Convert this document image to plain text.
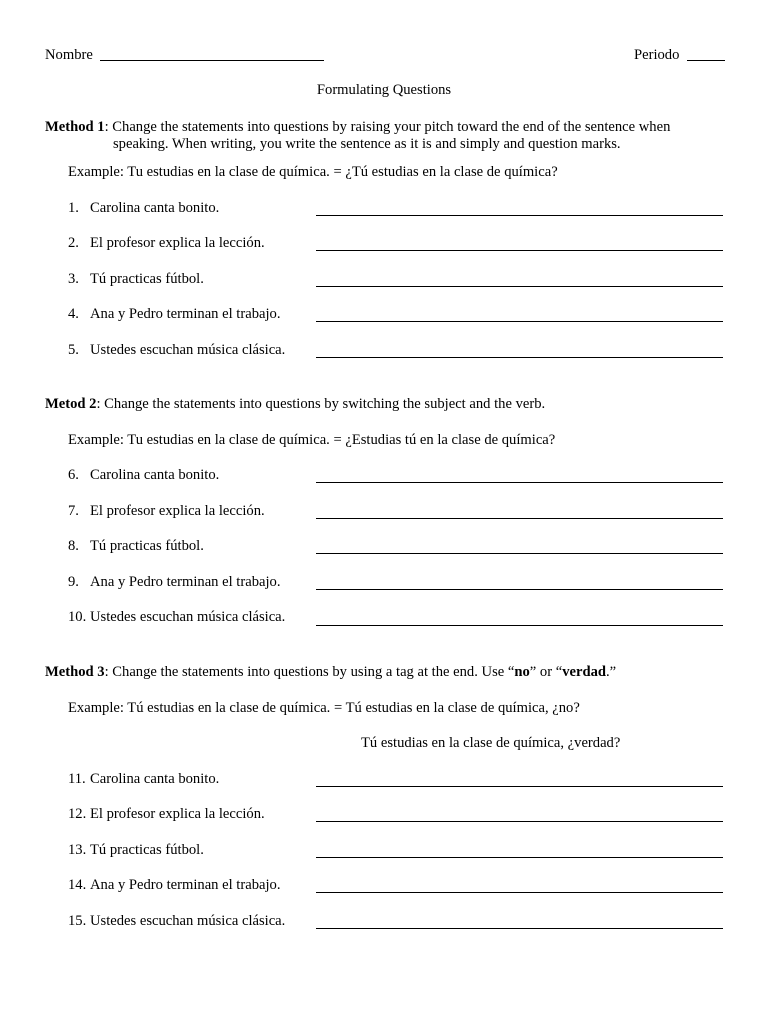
Nombre	Periodo
Formulating Questions
Method 1: Change the statements into questions by raising your pitch toward the end of the sentence when
speaking. When writing, you write the sentence as it is and simply and question marks.
Example: Tu estudias en la clase de química. = ¿Tú estudias en la clase de química?
1. Carolina canta bonito.
2. El profesor explica la lección.
3. Tú practicas fútbol.
4. Ana y Pedro terminan el trabajo.
5. Ustedes escuchan música clásica.
Metod 2: Change the statements into questions by switching the subject and the verb.
Example: Tu estudias en la clase de química. = ¿Estudias tú en la clase de química?
6. Carolina canta bonito.
7. El profesor explica la lección.
8. Tú practicas fútbol.
9. Ana y Pedro terminan el trabajo.
10. Ustedes escuchan música clásica.
Method 3: Change the statements into questions by using a tag at the end. Use “no” or “verdad.”
Example: Tú estudias en la clase de química. = Tú estudias en la clase de química, ¿no?
Tú estudias en la clase de química, ¿verdad?
11. Carolina canta bonito.
12. El profesor explica la lección.
13. Tú practicas fútbol.
14. Ana y Pedro terminan el trabajo.
15. Ustedes escuchan música clásica.
